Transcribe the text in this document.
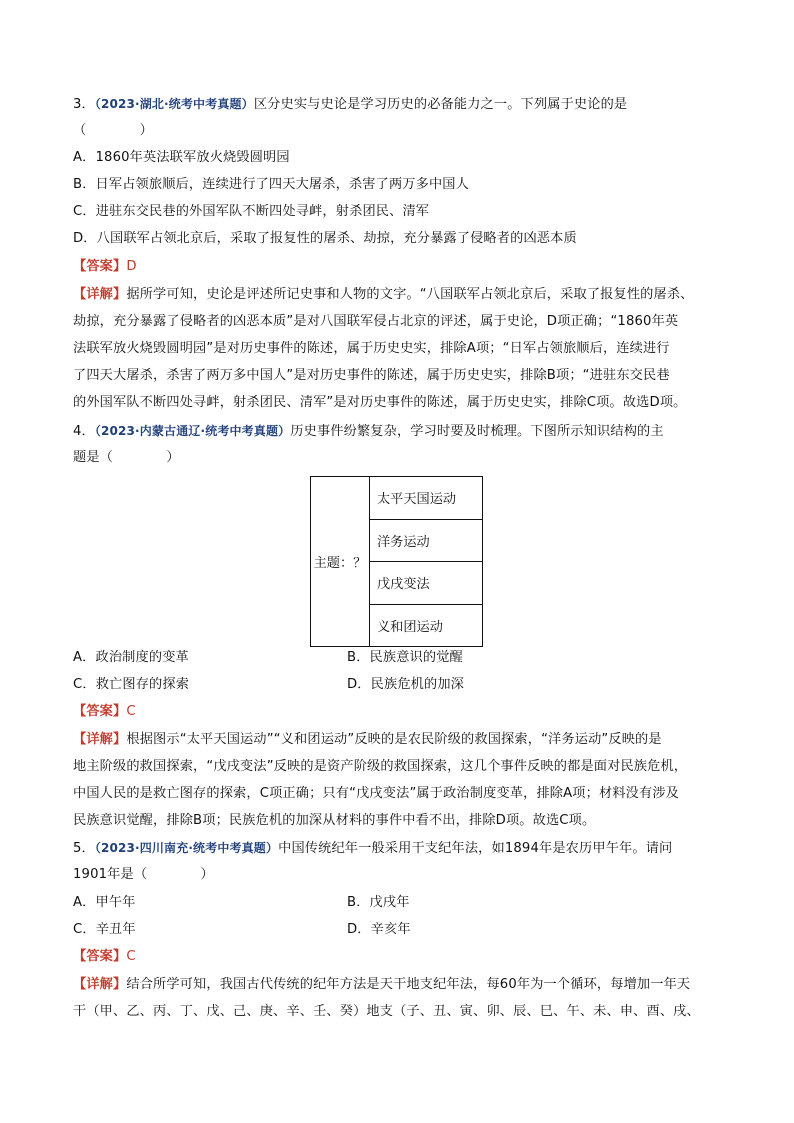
3．（2023·湖北·统考中考真题）区分史实与史论是学习历史的必备能力之一。下列属于史论的是
（　　　　）
A．1860年英法联军放火烧毁圆明园
B．日军占领旅顺后，连续进行了四天大屠杀，杀害了两万多中国人
C．进驻东交民巷的外国军队不断四处寻衅，射杀团民、清军
D．八国联军占领北京后，采取了报复性的屠杀、劫掠，充分暴露了侵略者的凶恶本质
【答案】D
【详解】据所学可知，史论是评述所记史事和人物的文字。“八国联军占领北京后，采取了报复性的屠杀、
劫掠，充分暴露了侵略者的凶恶本质”是对八国联军侵占北京的评述，属于史论，D项正确；“1860年英
法联军放火烧毁圆明园”是对历史事件的陈述，属于历史史实，排除A项；“日军占领旅顺后，连续进行
了四天大屠杀，杀害了两万多中国人”是对历史事件的陈述，属于历史史实，排除B项；“进驻东交民巷
的外国军队不断四处寻衅，射杀团民、清军”是对历史事件的陈述，属于历史史实，排除C项。故选D项。
4．（2023·内蒙古通辽·统考中考真题）历史事件纷繁复杂，学习时要及时梳理。下图所示知识结构的主
题是（　　　　）
主题：？	太平天国运动
洋务运动
戊戌变法
义和团运动
A．政治制度的变革	B．民族意识的觉醒
C．救亡图存的探索	D．民族危机的加深
【答案】C
【详解】根据图示“太平天国运动”“义和团运动”反映的是农民阶级的救国探索，“洋务运动”反映的是
地主阶级的救国探索，“戊戌变法”反映的是资产阶级的救国探索，这几个事件反映的都是面对民族危机，
中国人民的是救亡图存的探索，C项正确；只有“戊戌变法”属于政治制度变革，排除A项；材料没有涉及
民族意识觉醒，排除B项；民族危机的加深从材料的事件中看不出，排除D项。故选C项。
5．（2023·四川南充·统考中考真题）中国传统纪年一般采用干支纪年法，如1894年是农历甲午年。请问
1901年是（　　　　）
A．甲午年	B．戊戌年
C．辛丑年	D．辛亥年
【答案】C
【详解】结合所学可知，我国古代传统的纪年方法是天干地支纪年法，每60年为一个循环，每增加一年天
干（甲、乙、丙、丁、戊、己、庚、辛、壬、癸）地支（子、丑、寅、卯、辰、巳、午、未、申、酉、戌、
